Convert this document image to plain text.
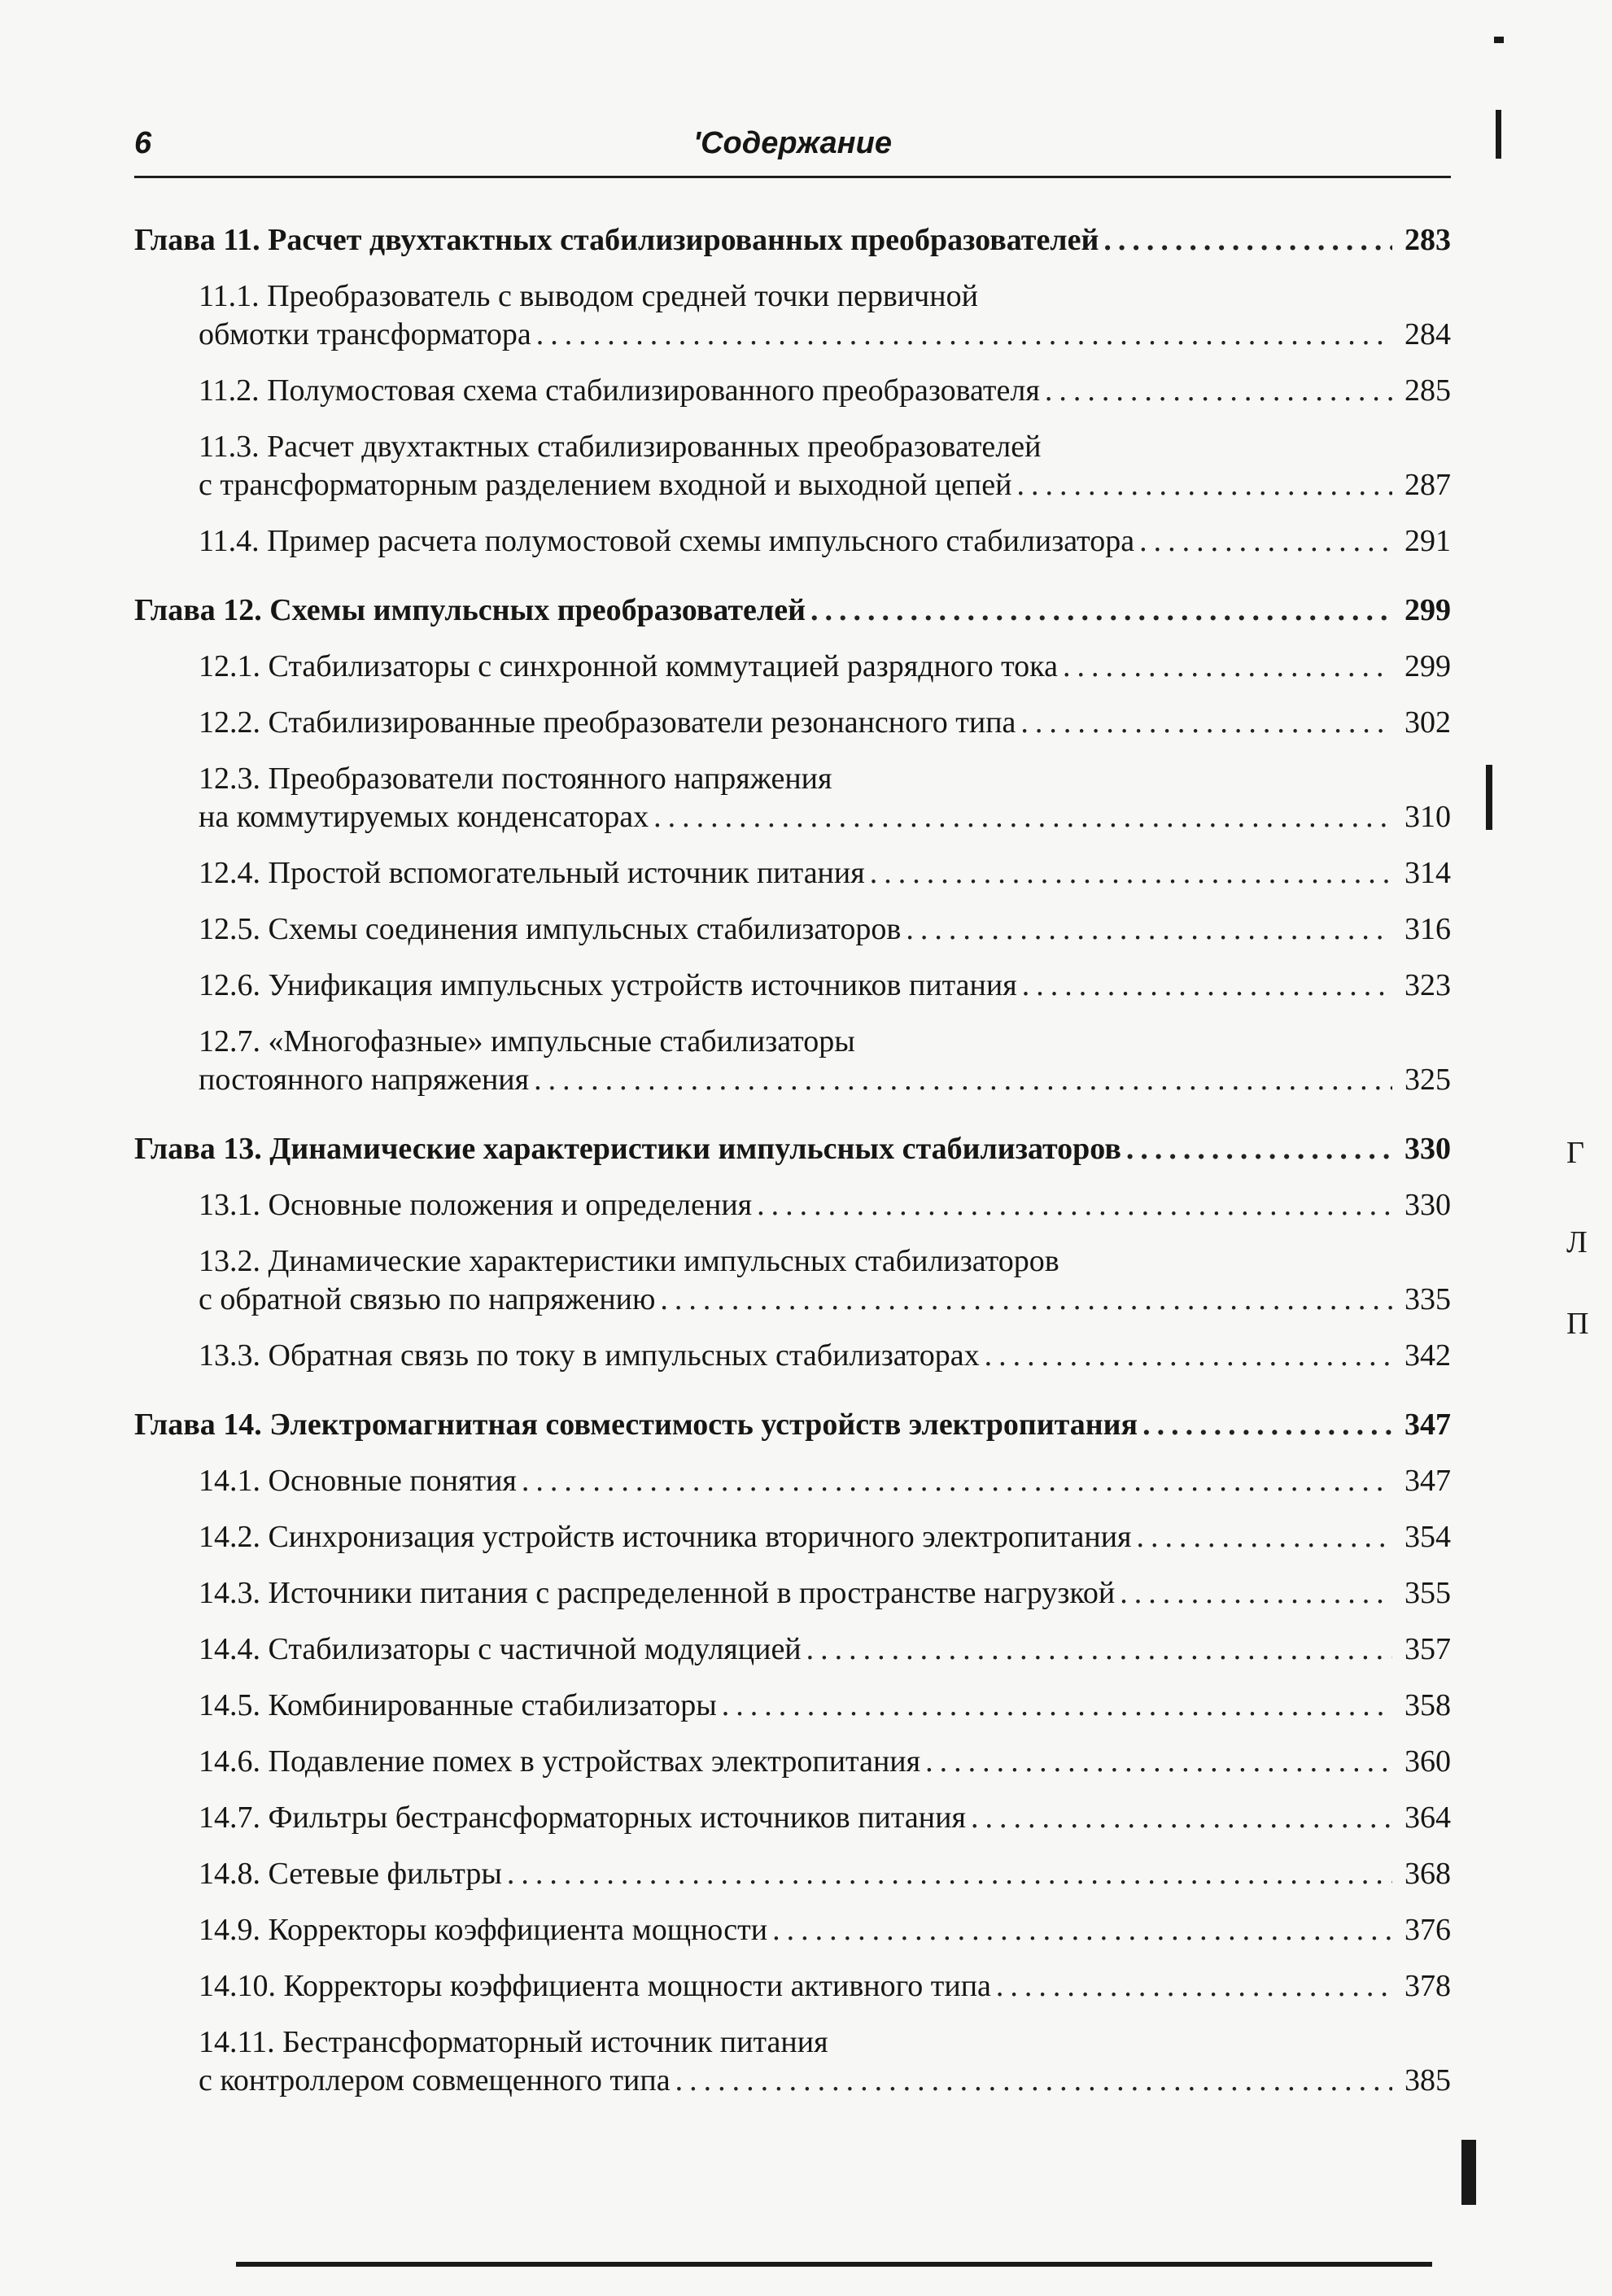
6	'Содержание
Глава 11. Расчет двухтактных стабилизированных преобразователей .....	283
11.1. Преобразователь с выводом средней точки первичной
обмотки трансформатора .....	284
11.2. Полумостовая схема стабилизированного преобразователя .....	285
11.3. Расчет двухтактных стабилизированных преобразователей
с трансформаторным разделением входной и выходной цепей .....	287
11.4. Пример расчета полумостовой схемы импульсного стабилизатора .....	291
Глава 12. Схемы импульсных преобразователей .....	299
12.1. Стабилизаторы с синхронной коммутацией разрядного тока .....	299
12.2. Стабилизированные преобразователи резонансного типа .....	302
12.3. Преобразователи постоянного напряжения
на коммутируемых конденсаторах .....	310
12.4. Простой вспомогательный источник питания .....	314
12.5. Схемы соединения импульсных стабилизаторов .....	316
12.6. Унификация импульсных устройств источников питания .....	323
12.7. «Многофазные» импульсные стабилизаторы
постоянного напряжения .....	325
Глава 13. Динамические характеристики импульсных стабилизаторов .....	330
13.1. Основные положения и определения .....	330
13.2. Динамические характеристики импульсных стабилизаторов
с обратной связью по напряжению .....	335
13.3. Обратная связь по току в импульсных стабилизаторах .....	342
Глава 14. Электромагнитная совместимость устройств электропитания .....	347
14.1. Основные понятия .....	347
14.2. Синхронизация устройств источника вторичного электропитания .....	354
14.3. Источники питания с распределенной в пространстве нагрузкой .....	355
14.4. Стабилизаторы с частичной модуляцией .....	357
14.5. Комбинированные стабилизаторы .....	358
14.6. Подавление помех в устройствах электропитания .....	360
14.7. Фильтры бестрансформаторных источников питания .....	364
14.8. Сетевые фильтры .....	368
14.9. Корректоры коэффициента мощности .....	376
14.10. Корректоры коэффициента мощности активного типа .....	378
14.11. Бестрансформаторный источник питания
с контроллером совмещенного типа .....	385
Г
Л
П
